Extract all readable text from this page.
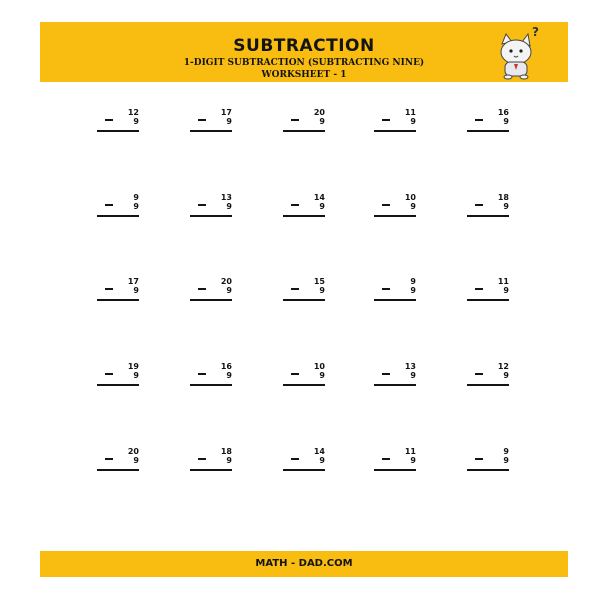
SUBTRACTION
1-DIGIT SUBTRACTION (SUBTRACTING NINE)
WORKSHEET - 1
?
12
9
17
9
20
9
11
9
16
9
9
9
13
9
14
9
10
9
18
9
17
9
20
9
15
9
9
9
11
9
19
9
16
9
10
9
13
9
12
9
20
9
18
9
14
9
11
9
9
9
MATH - DAD.COM
